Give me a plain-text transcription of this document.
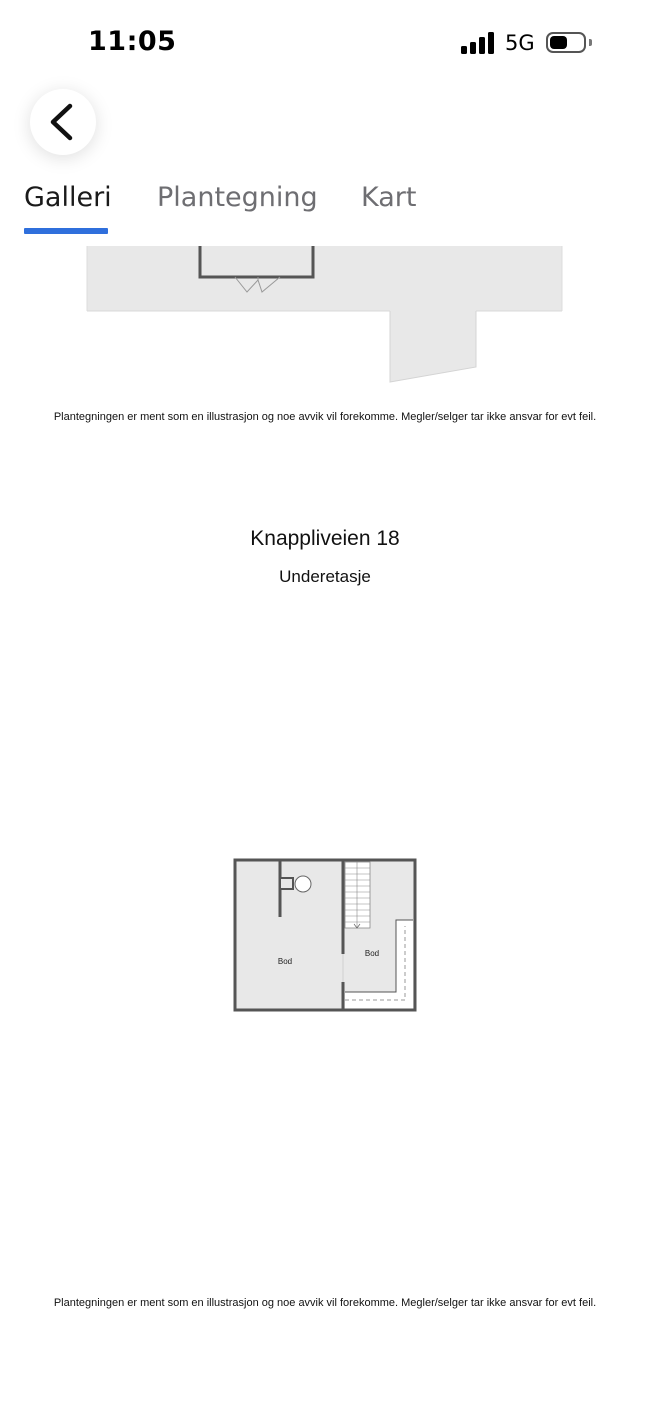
11:05	5G
Galleri Plantegning Kart
Plantegningen er ment som en illustrasjon og noe avvik vil forekomme. Megler/selger tar ikke ansvar for evt feil.
Knappliveien 18
Underetasje
Bod
Bod
Plantegningen er ment som en illustrasjon og noe avvik vil forekomme. Megler/selger tar ikke ansvar for evt feil.
